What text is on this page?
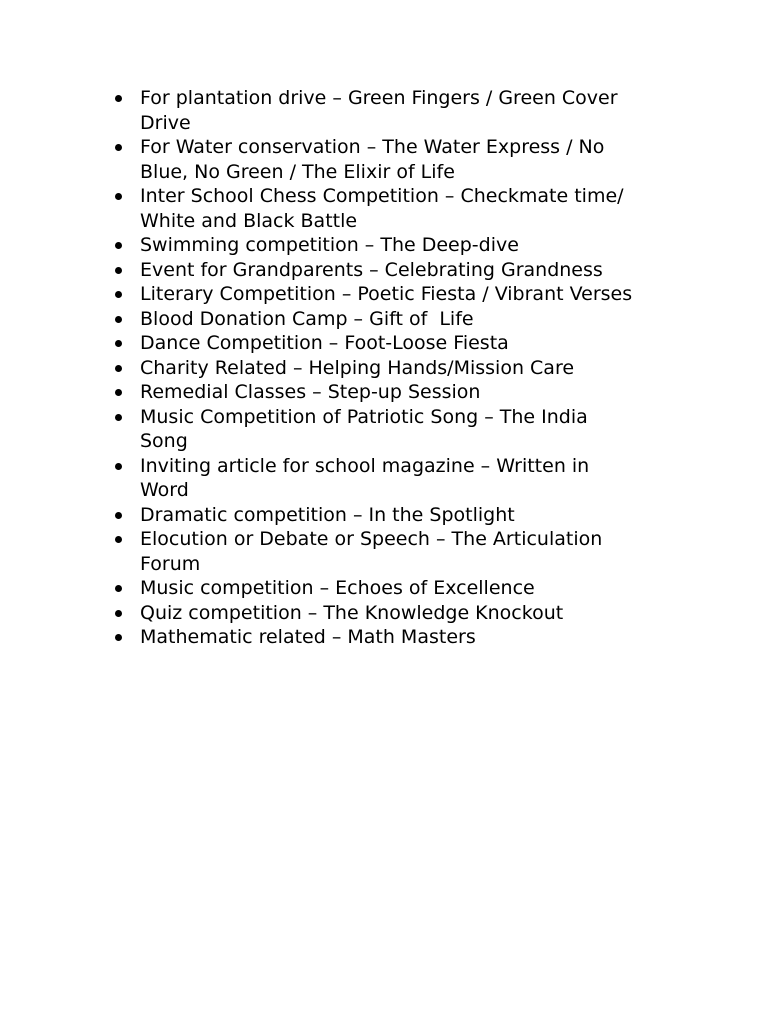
For plantation drive – Green Fingers / Green Cover
Drive
For Water conservation – The Water Express / No
Blue, No Green / The Elixir of Life
Inter School Chess Competition – Checkmate time/
White and Black Battle
Swimming competition – The Deep-dive
Event for Grandparents – Celebrating Grandness
Literary Competition – Poetic Fiesta / Vibrant Verses
Blood Donation Camp – Gift of  Life
Dance Competition – Foot-Loose Fiesta
Charity Related – Helping Hands/Mission Care
Remedial Classes – Step-up Session
Music Competition of Patriotic Song – The India
Song
Inviting article for school magazine – Written in
Word
Dramatic competition – In the Spotlight
Elocution or Debate or Speech – The Articulation
Forum
Music competition – Echoes of Excellence
Quiz competition – The Knowledge Knockout
Mathematic related – Math Masters
